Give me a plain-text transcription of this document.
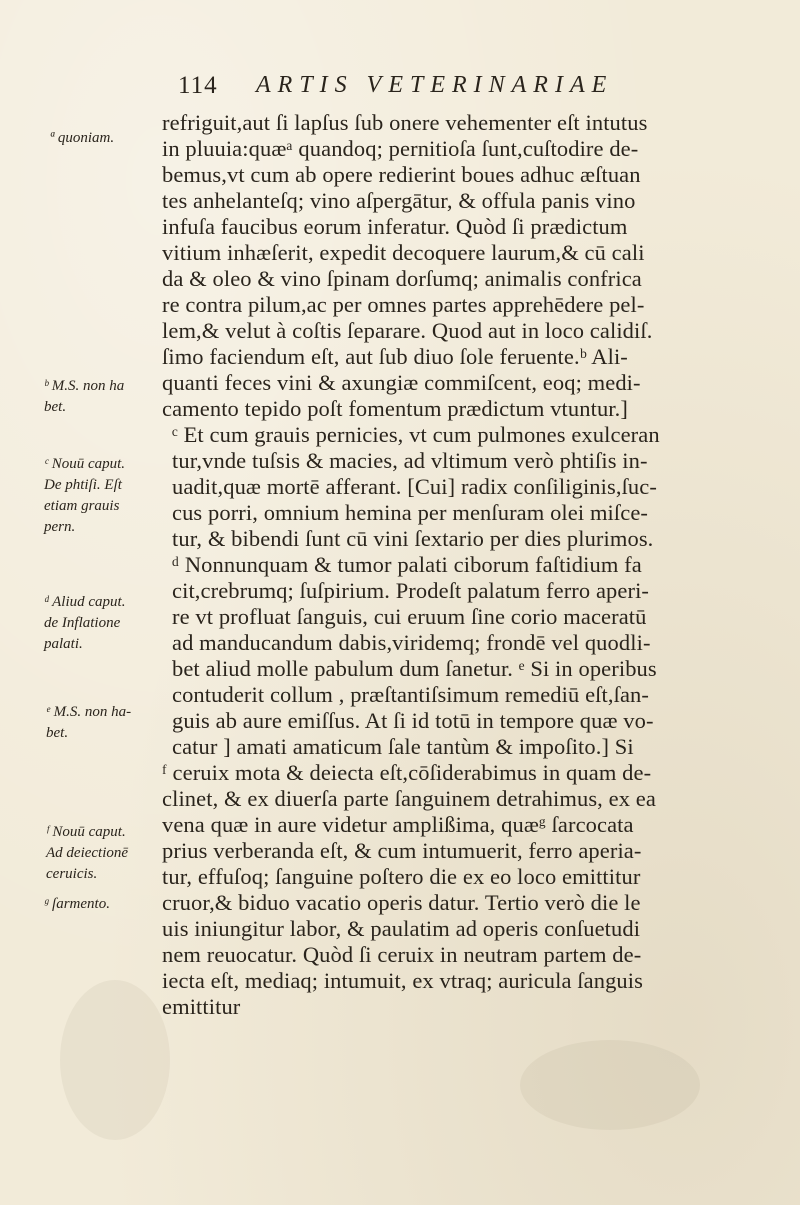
114 ARTIS VETERINARIAE
refriguit,aut ſi lapſus ſub onere vehementer eſt intutus
in pluuia:quæᵃ quandoq; pernitioſa ſunt,cuſtodire de-
bemus,vt cum ab opere redierint boues adhuc æſtuan
tes anhelanteſq; vino aſpergātur, & offula panis vino
infuſa faucibus eorum inferatur. Quòd ſi prædictum
vitium inhæſerit, expedit decoquere laurum,& cū cali
da & oleo & vino ſpinam dorſumq; animalis confrica
re contra pilum,ac per omnes partes apprehēdere pel-
lem,& velut à coſtis ſeparare. Quod aut in loco calidiſ.
ſimo faciendum eſt, aut ſub diuo ſole feruente.ᵇ Ali-
quanti feces vini & axungiæ commiſcent, eoq; medi-
camento tepido poſt fomentum prædictum vtuntur.]
ᶜ Et cum grauis pernicies, vt cum pulmones exulceran
tur,vnde tuſsis & macies, ad vltimum verò phtiſis in-
uadit,quæ mortē afferant. [Cui] radix conſiliginis,ſuc-
cus porri, omnium hemina per menſuram olei miſce-
tur, & bibendi ſunt cū vini ſextario per dies plurimos.
ᵈ Nonnunquam & tumor palati ciborum faſtidium fa
cit,crebrumq; ſuſpirium. Prodeſt palatum ferro aperi-
re vt profluat ſanguis, cui eruum ſine corio maceratū
ad manducandum dabis,viridemq; frondē vel quodli-
bet aliud molle pabulum dum ſanetur. ᵉ Si in operibus
contuderit collum , præſtantiſsimum remediū eſt,ſan-
guis ab aure emiſſus. At ſi id totū in tempore quæ vo-
catur ] amati amaticum ſale tantùm & impoſito.] Si
ᶠ ceruix mota & deiecta eſt,cōſiderabimus in quam de-
clinet, & ex diuerſa parte ſanguinem detrahimus, ex ea
vena quæ in aure videtur amplißima, quæᵍ ſarcocata
prius verberanda eſt, & cum intumuerit, ferro aperia-
tur, effuſoq; ſanguine poſtero die ex eo loco emittitur
cruor,& biduo vacatio operis datur. Tertio verò die le
uis iniungitur labor, & paulatim ad operis conſuetudi
nem reuocatur. Quòd ſi ceruix in neutram partem de-
iecta eſt, mediaq; intumuit, ex vtraq; auricula ſanguis
emittitur
ª quoniam.
ᵇ M.S. non ha
bet.
ᶜ Nouū caput.
De phtiſi. Eſt
etiam grauis
pern.
ᵈ Aliud caput.
de Inflatione
palati.
ᵉ M.S. non ha-
bet.
ᶠ Nouū caput.
Ad deiectionē
ceruicis.
ᵍ ſarmento.
